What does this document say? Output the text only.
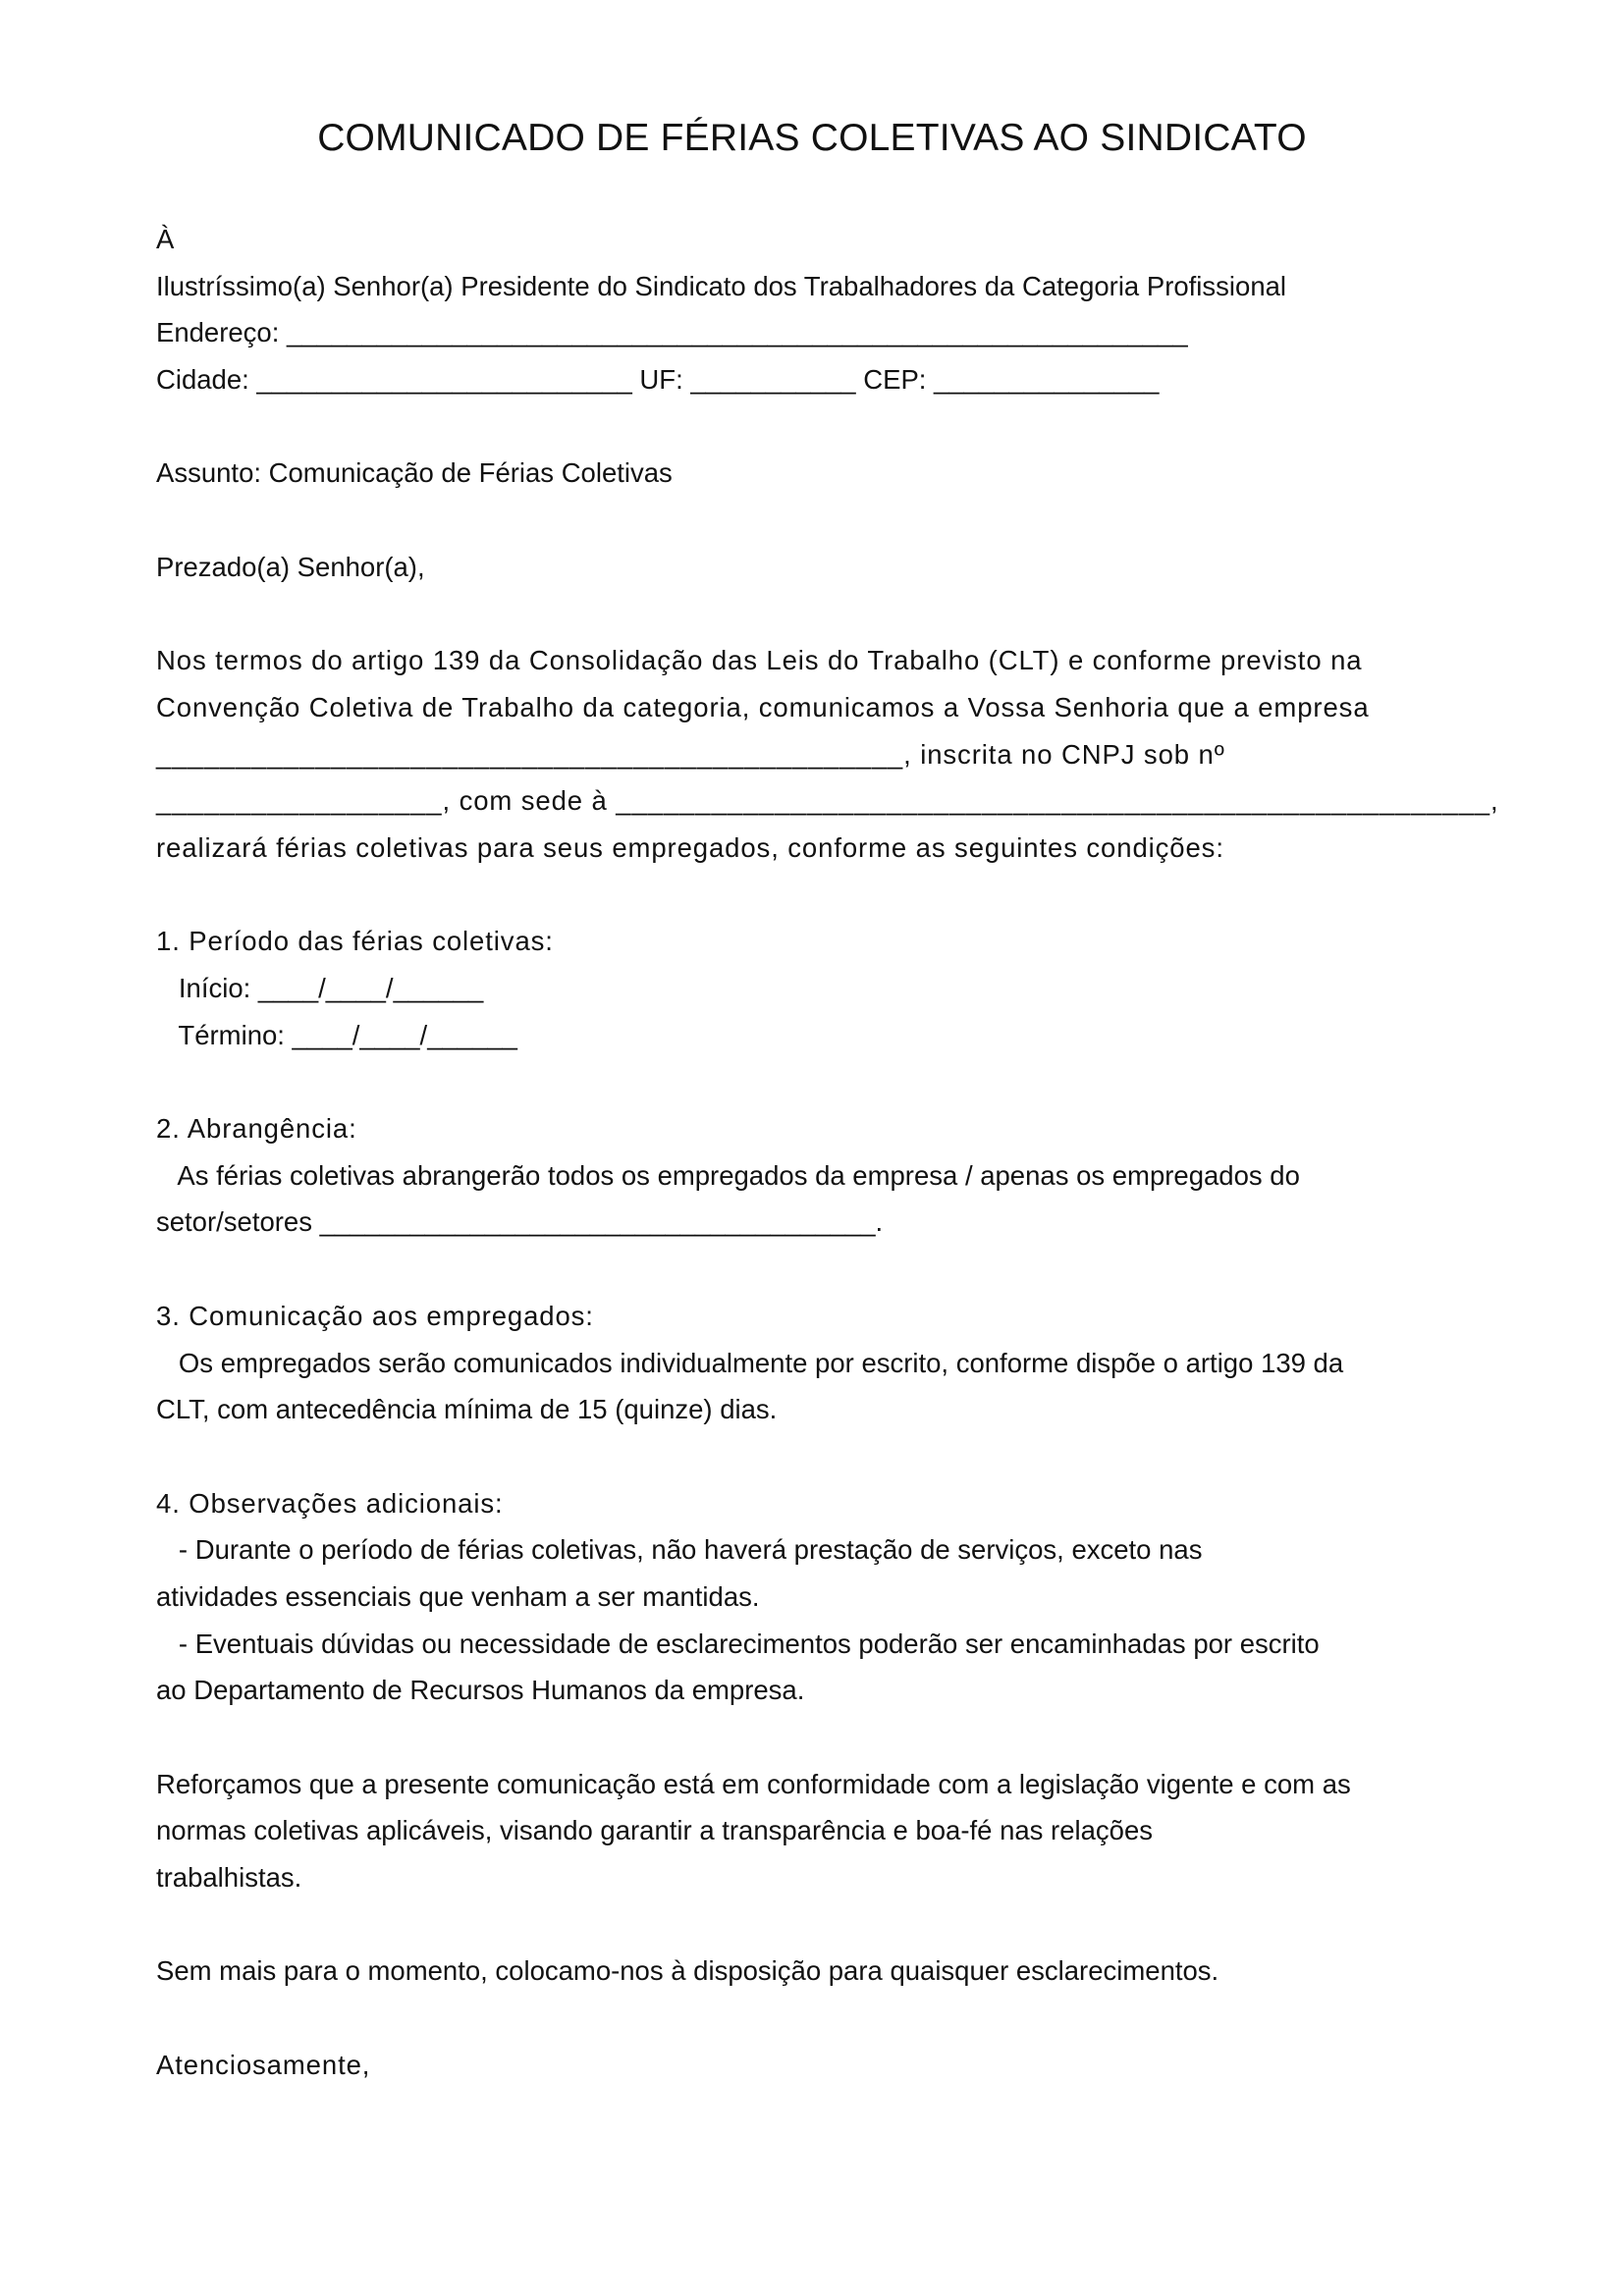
COMUNICADO DE FÉRIAS COLETIVAS AO SINDICATO
À
Ilustríssimo(a) Senhor(a) Presidente do Sindicato dos Trabalhadores da Categoria Profissional
Endereço: ____________________________________________________________
Cidade: _________________________ UF: ___________ CEP: _______________
Assunto: Comunicação de Férias Coletivas
Prezado(a) Senhor(a),
Nos termos do artigo 139 da Consolidação das Leis do Trabalho (CLT) e conforme previsto na
Convenção Coletiva de Trabalho da categoria, comunicamos a Vossa Senhoria que a empresa
_______________________________________________, inscrita no CNPJ sob nº
__________________, com sede à _______________________________________________________,
realizará férias coletivas para seus empregados, conforme as seguintes condições:
1. Período das férias coletivas:
Início: ____/____/______
Término: ____/____/______
2. Abrangência:
As férias coletivas abrangerão todos os empregados da empresa / apenas os empregados do
setor/setores _____________________________________.
3. Comunicação aos empregados:
Os empregados serão comunicados individualmente por escrito, conforme dispõe o artigo 139 da
CLT, com antecedência mínima de 15 (quinze) dias.
4. Observações adicionais:
- Durante o período de férias coletivas, não haverá prestação de serviços, exceto nas
atividades essenciais que venham a ser mantidas.
- Eventuais dúvidas ou necessidade de esclarecimentos poderão ser encaminhadas por escrito
ao Departamento de Recursos Humanos da empresa.
Reforçamos que a presente comunicação está em conformidade com a legislação vigente e com as
normas coletivas aplicáveis, visando garantir a transparência e boa-fé nas relações
trabalhistas.
Sem mais para o momento, colocamo-nos à disposição para quaisquer esclarecimentos.
Atenciosamente,
